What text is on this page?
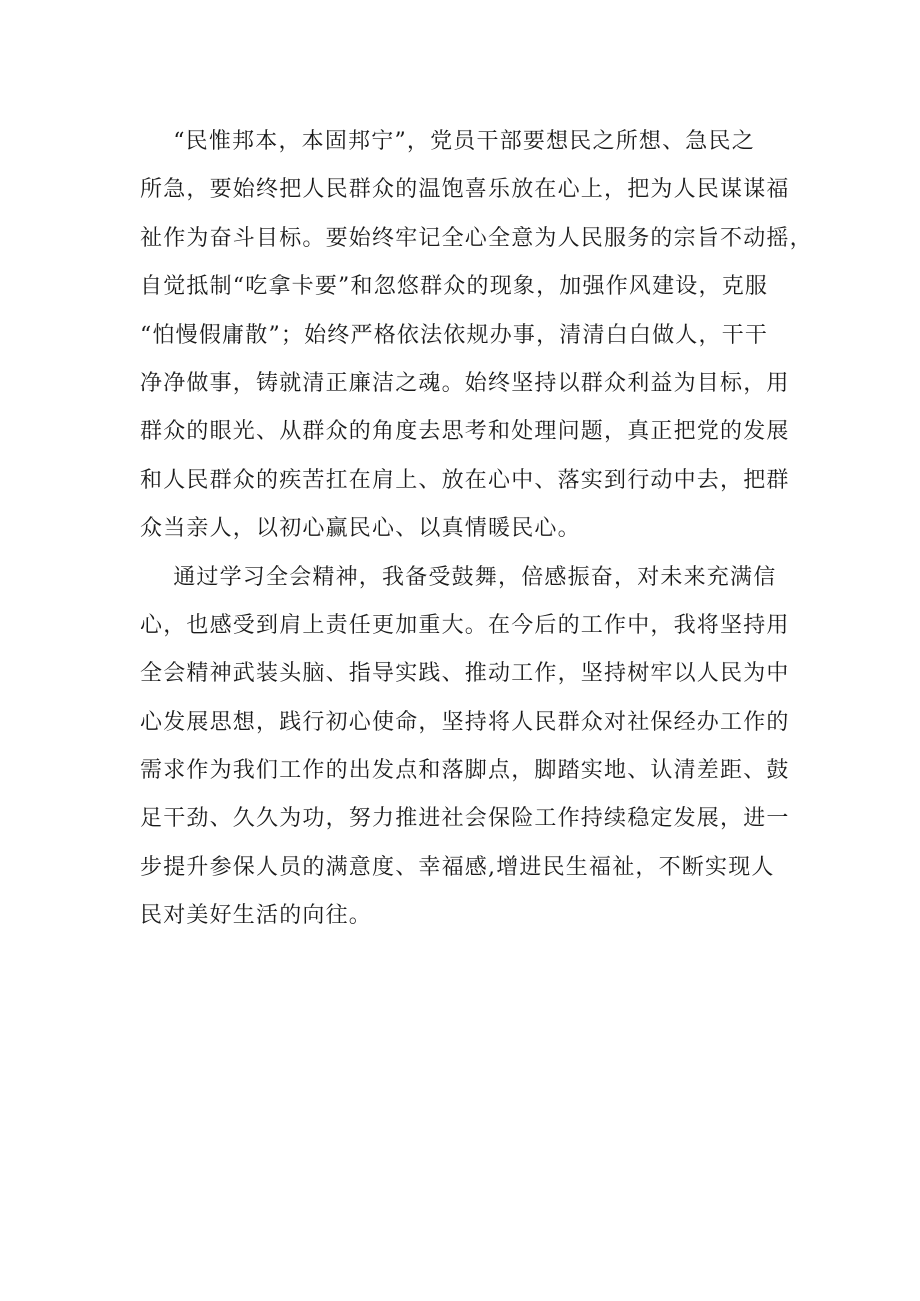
　“民惟邦本，本固邦宁”，党员干部要想民之所想、急民之
所急，要始终把人民群众的温饱喜乐放在心上，把为人民谋谋福
祉作为奋斗目标。要始终牢记全心全意为人民服务的宗旨不动摇，
自觉抵制“吃拿卡要”和忽悠群众的现象，加强作风建设，克服
“怕慢假庸散”；始终严格依法依规办事，清清白白做人，干干
净净做事，铸就清正廉洁之魂。始终坚持以群众利益为目标，用
群众的眼光、从群众的角度去思考和处理问题，真正把党的发展
和人民群众的疾苦扛在肩上、放在心中、落实到行动中去，把群
众当亲人，以初心赢民心、以真情暖民心。
　通过学习全会精神，我备受鼓舞，倍感振奋，对未来充满信
心，也感受到肩上责任更加重大。在今后的工作中，我将坚持用
全会精神武装头脑、指导实践、推动工作，坚持树牢以人民为中
心发展思想，践行初心使命，坚持将人民群众对社保经办工作的
需求作为我们工作的出发点和落脚点，脚踏实地、认清差距、鼓
足干劲、久久为功，努力推进社会保险工作持续稳定发展，进一
步提升参保人员的满意度、幸福感,增进民生福祉，不断实现人
民对美好生活的向往。
